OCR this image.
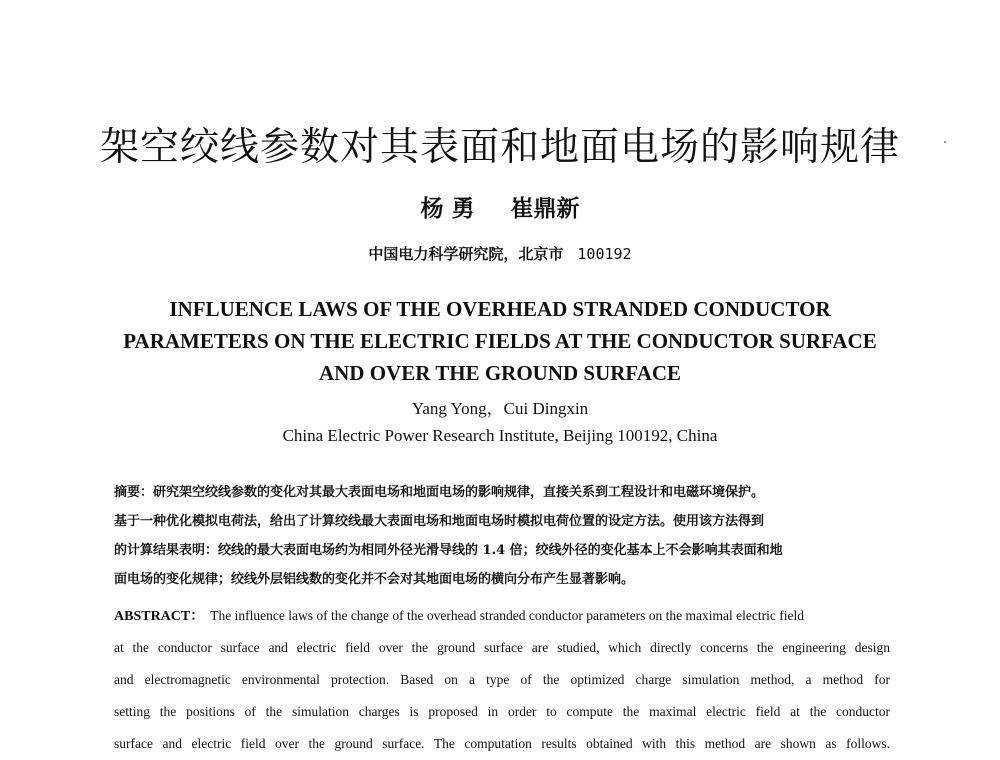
架空绞线参数对其表面和地面电场的影响规律
杨 勇 崔鼎新
中国电力科学研究院，北京市 100192
INFLUENCE LAWS OF THE OVERHEAD STRANDED CONDUCTOR
PARAMETERS ON THE ELECTRIC FIELDS AT THE CONDUCTOR SURFACE
AND OVER THE GROUND SURFACE
Yang Yong，Cui Dingxin
China Electric Power Research Institute, Beijing 100192, China
摘要：研究架空绞线参数的变化对其最大表面电场和地面电场的影响规律，直接关系到工程设计和电磁环境保护。
基于一种优化模拟电荷法，给出了计算绞线最大表面电场和地面电场时模拟电荷位置的设定方法。使用该方法得到
的计算结果表明：绞线的最大表面电场约为相同外径光滑导线的 1.4 倍；绞线外径的变化基本上不会影响其表面和地
面电场的变化规律；绞线外层铝线数的变化并不会对其地面电场的横向分布产生显著影响。
ABSTRACT： The influence laws of the change of the overhead stranded conductor parameters on the maximal electric field
at the conductor surface and electric field over the ground surface are studied, which directly concerns the engineering design
and electromagnetic environmental protection. Based on a type of the optimized charge simulation method, a method for
setting the positions of the simulation charges is proposed in order to compute the maximal electric field at the conductor
surface and electric field over the ground surface. The computation results obtained with this method are shown as follows.
